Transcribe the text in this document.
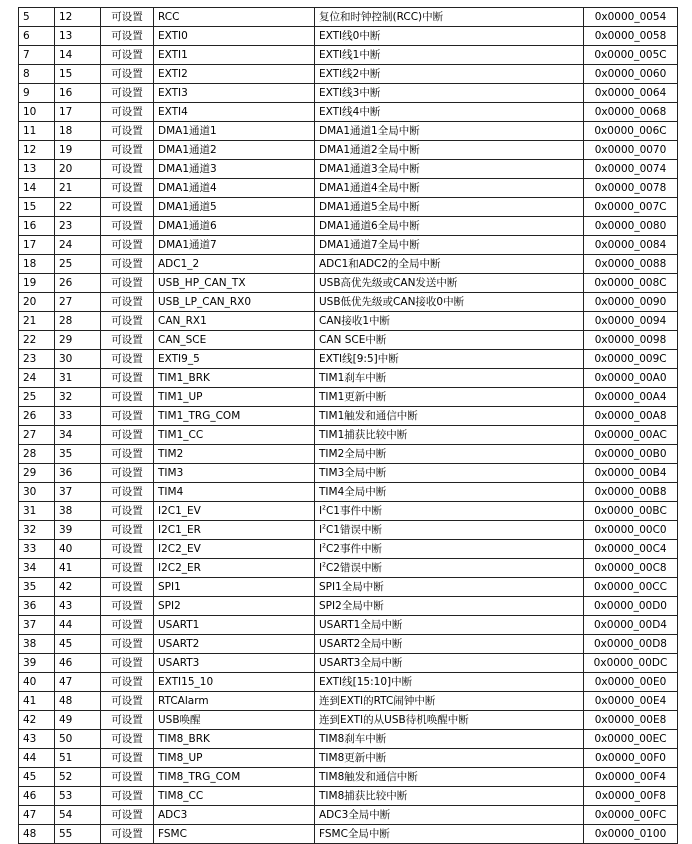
5	12	可设置	RCC	复位和时钟控制(RCC)中断	0x0000_0054
6	13	可设置	EXTI0	EXTI线0中断	0x0000_0058
7	14	可设置	EXTI1	EXTI线1中断	0x0000_005C
8	15	可设置	EXTI2	EXTI线2中断	0x0000_0060
9	16	可设置	EXTI3	EXTI线3中断	0x0000_0064
10	17	可设置	EXTI4	EXTI线4中断	0x0000_0068
11	18	可设置	DMA1通道1	DMA1通道1全局中断	0x0000_006C
12	19	可设置	DMA1通道2	DMA1通道2全局中断	0x0000_0070
13	20	可设置	DMA1通道3	DMA1通道3全局中断	0x0000_0074
14	21	可设置	DMA1通道4	DMA1通道4全局中断	0x0000_0078
15	22	可设置	DMA1通道5	DMA1通道5全局中断	0x0000_007C
16	23	可设置	DMA1通道6	DMA1通道6全局中断	0x0000_0080
17	24	可设置	DMA1通道7	DMA1通道7全局中断	0x0000_0084
18	25	可设置	ADC1_2	ADC1和ADC2的全局中断	0x0000_0088
19	26	可设置	USB_HP_CAN_TX	USB高优先级或CAN发送中断	0x0000_008C
20	27	可设置	USB_LP_CAN_RX0	USB低优先级或CAN接收0中断	0x0000_0090
21	28	可设置	CAN_RX1	CAN接收1中断	0x0000_0094
22	29	可设置	CAN_SCE	CAN SCE中断	0x0000_0098
23	30	可设置	EXTI9_5	EXTI线[9:5]中断	0x0000_009C
24	31	可设置	TIM1_BRK	TIM1刹车中断	0x0000_00A0
25	32	可设置	TIM1_UP	TIM1更新中断	0x0000_00A4
26	33	可设置	TIM1_TRG_COM	TIM1触发和通信中断	0x0000_00A8
27	34	可设置	TIM1_CC	TIM1捕获比较中断	0x0000_00AC
28	35	可设置	TIM2	TIM2全局中断	0x0000_00B0
29	36	可设置	TIM3	TIM3全局中断	0x0000_00B4
30	37	可设置	TIM4	TIM4全局中断	0x0000_00B8
31	38	可设置	I2C1_EV	$I^2C1$事件中断	0x0000_00BC
32	39	可设置	I2C1_ER	$I^2C1$错误中断	0x0000_00C0
33	40	可设置	I2C2_EV	$I^2C2$事件中断	0x0000_00C4
34	41	可设置	I2C2_ER	$I^2C2$错误中断	0x0000_00C8
35	42	可设置	SPI1	SPI1全局中断	0x0000_00CC
36	43	可设置	SPI2	SPI2全局中断	0x0000_00D0
37	44	可设置	USART1	USART1全局中断	0x0000_00D4
38	45	可设置	USART2	USART2全局中断	0x0000_00D8
39	46	可设置	USART3	USART3全局中断	0x0000_00DC
40	47	可设置	EXTI15_10	EXTI线[15:10]中断	0x0000_00E0
41	48	可设置	RTCAlarm	连到EXTI的RTC闹钟中断	0x0000_00E4
42	49	可设置	USB唤醒	连到EXTI的从USB待机唤醒中断	0x0000_00E8
43	50	可设置	TIM8_BRK	TIM8刹车中断	0x0000_00EC
44	51	可设置	TIM8_UP	TIM8更新中断	0x0000_00F0
45	52	可设置	TIM8_TRG_COM	TIM8触发和通信中断	0x0000_00F4
46	53	可设置	TIM8_CC	TIM8捕获比较中断	0x0000_00F8
47	54	可设置	ADC3	ADC3全局中断	0x0000_00FC
48	55	可设置	FSMC	FSMC全局中断	0x0000_0100
